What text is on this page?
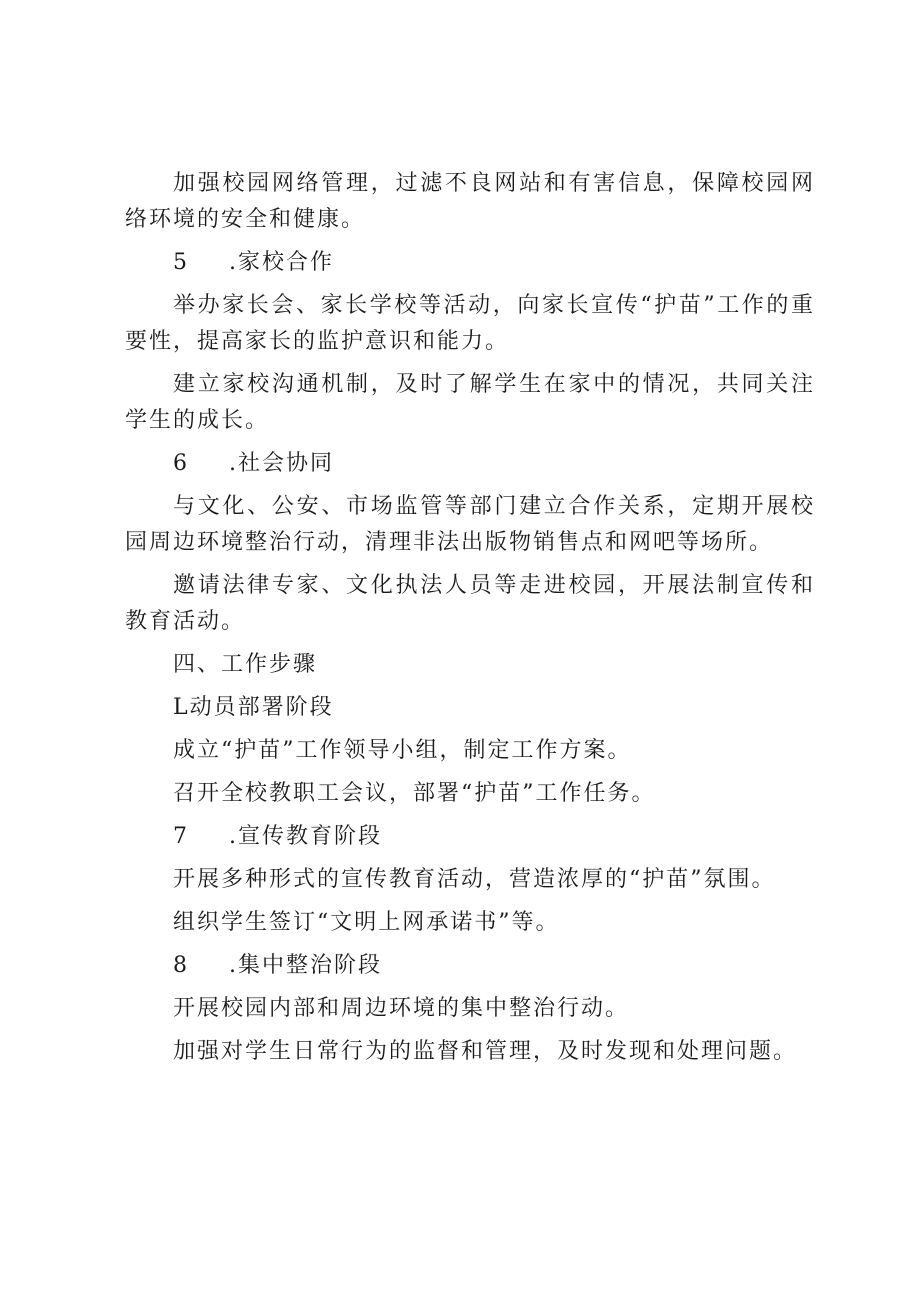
加强校园网络管理，过滤不良网站和有害信息，保障校园网络环境的安全和健康。

5 .家校合作

举办家长会、家长学校等活动，向家长宣传“护苗”工作的重要性，提高家长的监护意识和能力。

建立家校沟通机制，及时了解学生在家中的情况，共同关注学生的成长。

6 .社会协同

与文化、公安、市场监管等部门建立合作关系，定期开展校园周边环境整治行动，清理非法出版物销售点和网吧等场所。

邀请法律专家、文化执法人员等走进校园，开展法制宣传和教育活动。

四、工作步骤

L动员部署阶段

成立“护苗”工作领导小组，制定工作方案。

召开全校教职工会议，部署“护苗”工作任务。

7 .宣传教育阶段

开展多种形式的宣传教育活动，营造浓厚的“护苗”氛围。

组织学生签订“文明上网承诺书”等。

8 .集中整治阶段

开展校园内部和周边环境的集中整治行动。

加强对学生日常行为的监督和管理，及时发现和处理问题。
